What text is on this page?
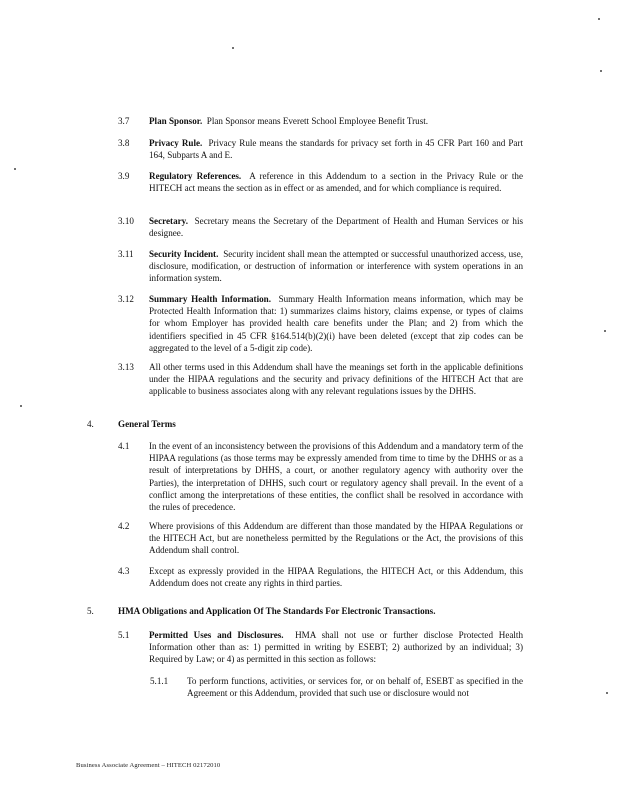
3.7 Plan Sponsor. Plan Sponsor means Everett School Employee Benefit Trust.
3.8 Privacy Rule. Privacy Rule means the standards for privacy set forth in 45 CFR Part 160 and Part 164, Subparts A and E.
3.9 Regulatory References. A reference in this Addendum to a section in the Privacy Rule or the HITECH act means the section as in effect or as amended, and for which compliance is required.
3.10 Secretary. Secretary means the Secretary of the Department of Health and Human Services or his designee.
3.11 Security Incident. Security incident shall mean the attempted or successful unauthorized access, use, disclosure, modification, or destruction of information or interference with system operations in an information system.
3.12 Summary Health Information. Summary Health Information means information, which may be Protected Health Information that: 1) summarizes claims history, claims expense, or types of claims for whom Employer has provided health care benefits under the Plan; and 2) from which the identifiers specified in 45 CFR §164.514(b)(2)(i) have been deleted (except that zip codes can be aggregated to the level of a 5-digit zip code).
3.13 All other terms used in this Addendum shall have the meanings set forth in the applicable definitions under the HIPAA regulations and the security and privacy definitions of the HITECH Act that are applicable to business associates along with any relevant regulations issues by the DHHS.
4.	General Terms
4.1 In the event of an inconsistency between the provisions of this Addendum and a mandatory term of the HIPAA regulations (as those terms may be expressly amended from time to time by the DHHS or as a result of interpretations by DHHS, a court, or another regulatory agency with authority over the Parties), the interpretation of DHHS, such court or regulatory agency shall prevail. In the event of a conflict among the interpretations of these entities, the conflict shall be resolved in accordance with the rules of precedence.
4.2 Where provisions of this Addendum are different than those mandated by the HIPAA Regulations or the HITECH Act, but are nonetheless permitted by the Regulations or the Act, the provisions of this Addendum shall control.
4.3 Except as expressly provided in the HIPAA Regulations, the HITECH Act, or this Addendum, this Addendum does not create any rights in third parties.
5.	HMA Obligations and Application Of The Standards For Electronic Transactions.
5.1 Permitted Uses and Disclosures. HMA shall not use or further disclose Protected Health Information other than as: 1) permitted in writing by ESEBT; 2) authorized by an individual; 3) Required by Law; or 4) as permitted in this section as follows:
5.1.1 To perform functions, activities, or services for, or on behalf of, ESEBT as specified in the Agreement or this Addendum, provided that such use or disclosure would not
Business Associate Agreement – HITECH 02172010
